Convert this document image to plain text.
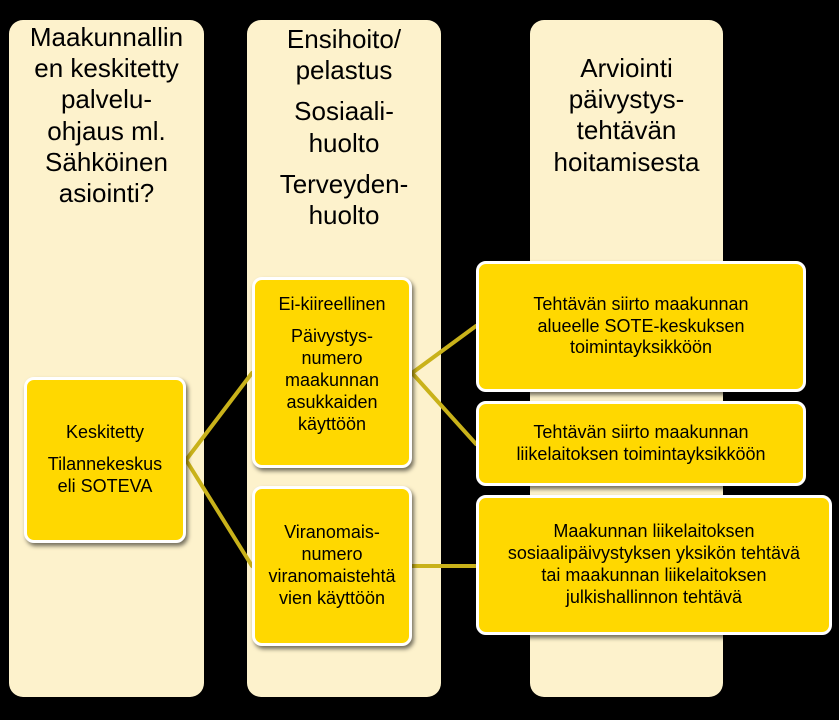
Maakunnallin
en keskitetty
palvelu-
ohjaus ml.
Sähköinen
asiointi?

Ensihoito/
pelastus

Sosiaali-
huolto

Terveyden-
huolto

Arviointi
päivystys-
tehtävän
hoitamisesta
Keskitetty
Tilannekeskus
eli SOTEVA
Ei-kiireellinen
Päivystys-
numero
maakunnan
asukkaiden
käyttöön
Viranomais-
numero
viranomaistehtä
vien käyttöön
Tehtävän siirto maakunnan
alueelle SOTE-keskuksen
toimintayksikköön
Tehtävän siirto maakunnan
liikelaitoksen toimintayksikköön
Maakunnan liikelaitoksen
sosiaalipäivystyksen yksikön tehtävä
tai maakunnan liikelaitoksen
julkishallinnon tehtävä
